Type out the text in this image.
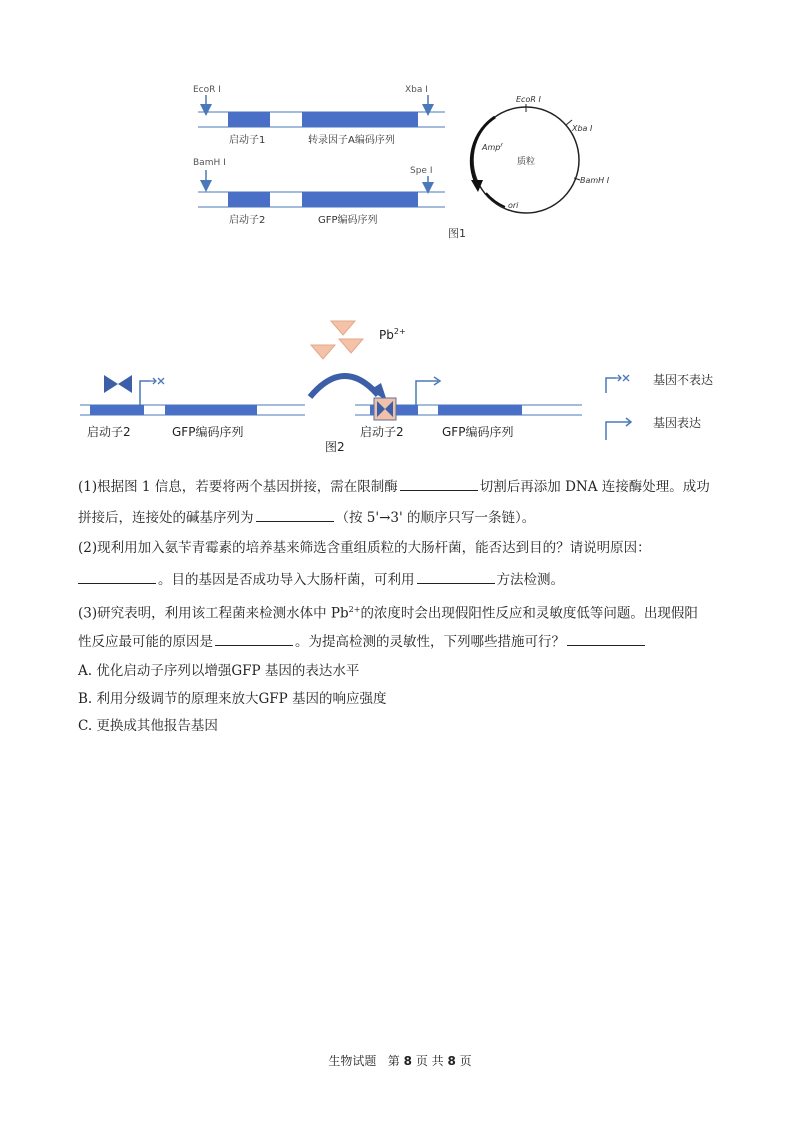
EcoR Ⅰ	Xba Ⅰ
启动子1	转录因子A编码序列
BamH Ⅰ
Spe Ⅰ
启动子2	GFP编码序列
EcoR Ⅰ
Xba Ⅰ
BamH Ⅰ
Amp$^r$
ori
质粒
图1
$Pb^{2+}$
启动子2	GFP编码序列	启动子2	GFP编码序列
图2
基因不表达
基因表达
(1)根据图 1 信息，若要将两个基因拼接，需在限制酶	切割后再添加 DNA 连接酶处理。成功
拼接后，连接处的碱基序列为	（按 5'→3' 的顺序只写一条链）。
(2)现利用加入氨苄青霉素的培养基来筛选含重组质粒的大肠杆菌，能否达到目的？请说明原因：
。目的基因是否成功导入大肠杆菌，可利用	方法检测。
(3)研究表明，利用该工程菌来检测水体中 $Pb^{2+}$的浓度时会出现假阳性反应和灵敏度低等问题。出现假阳
性反应最可能的原因是	。为提高检测的灵敏性，下列哪些措施可行？
A. 优化启动子序列以增强GFP 基因的表达水平
B. 利用分级调节的原理来放大GFP 基因的响应强度
C. 更换成其他报告基因
生物试题 第 8 页 共 8 页
